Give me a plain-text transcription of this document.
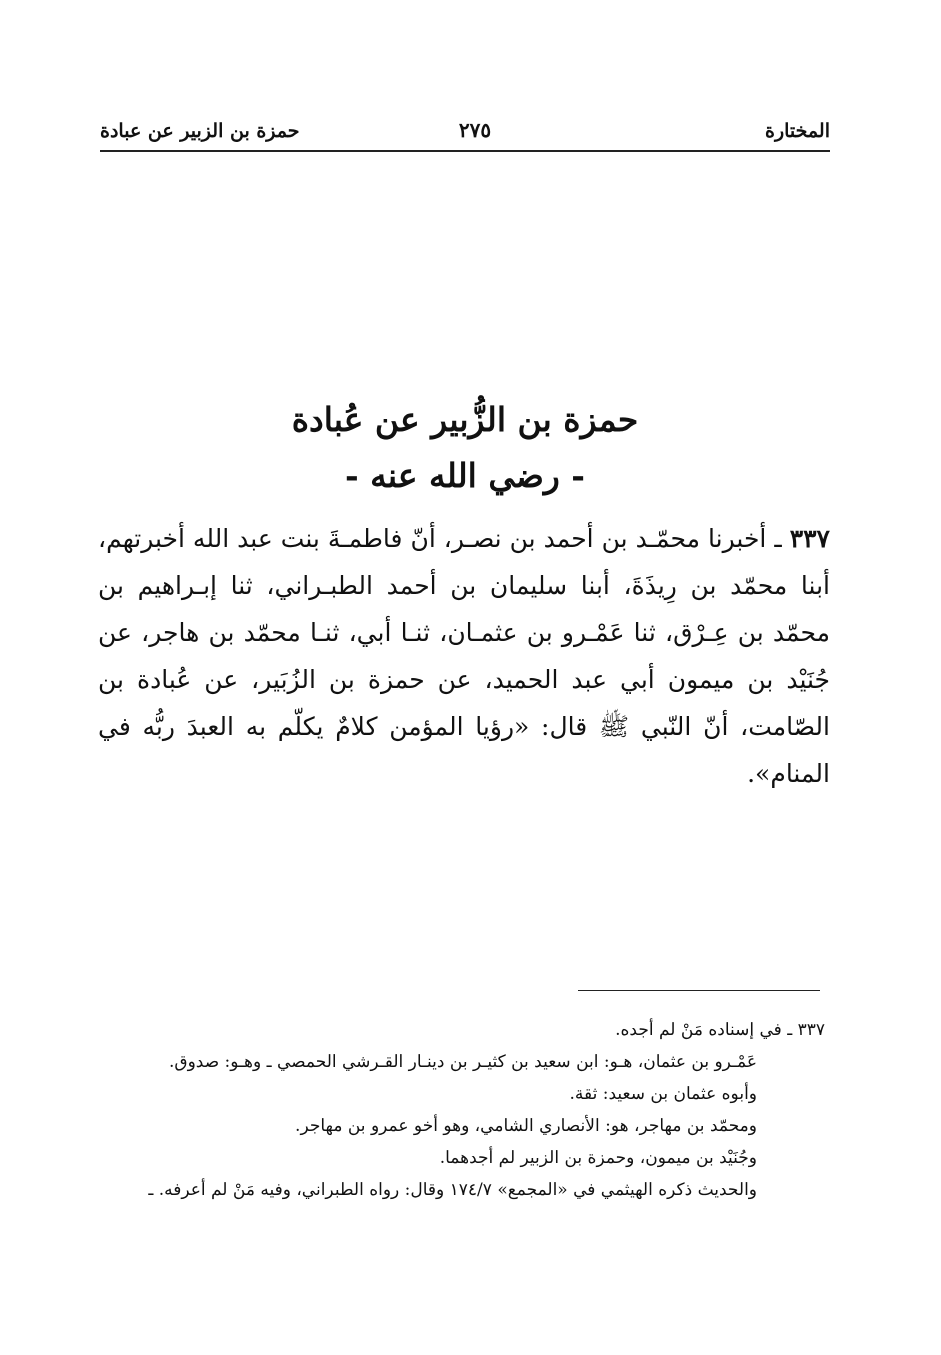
المختارة
٢٧٥
حمزة بن الزبير عن عبادة
حمزة بن الزُّبير عن عُبادة
- رضي الله عنه -
٣٣٧ ـ أخبرنا محمّـد بن أحمد بن نصـر، أنّ فاطمـةَ بنت عبد الله أخبرتهم، أبنا محمّد بن رِيذَةَ، أبنا سليمان بن أحمد الطبـراني، ثنا إبـراهيم بن محمّد بن عِـرْق، ثنا عَمْـرو بن عثمـان، ثنـا أبي، ثنـا محمّد بن هاجر، عن جُنَيْد بن ميمون أبي عبد الحميد، عن حمزة بن الزُبَير، عن عُبادة بن الصّامت، أنّ النّبي ﷺ قال: «رؤيا المؤمن كلامٌ يكلّم به العبدَ ربُّه في المنام».

٣٣٧ ـ في إسناده مَنْ لم أجده.

عَمْـرو بن عثمان، هـو: ابن سعيد بن كثيـر بن دينـار القـرشي الحمصي ـ وهـو: صدوق.

وأبوه عثمان بن سعيد: ثقة.

ومحمّد بن مهاجر، هو: الأنصاري الشامي، وهو أخو عمرو بن مهاجر.

وجُنَيْد بن ميمون، وحمزة بن الزبير لم أجدهما.

والحديث ذكره الهيثمي في «المجمع» ١٧٤/٧ وقال: رواه الطبراني، وفيه مَنْ لم أعرفه. ـ
